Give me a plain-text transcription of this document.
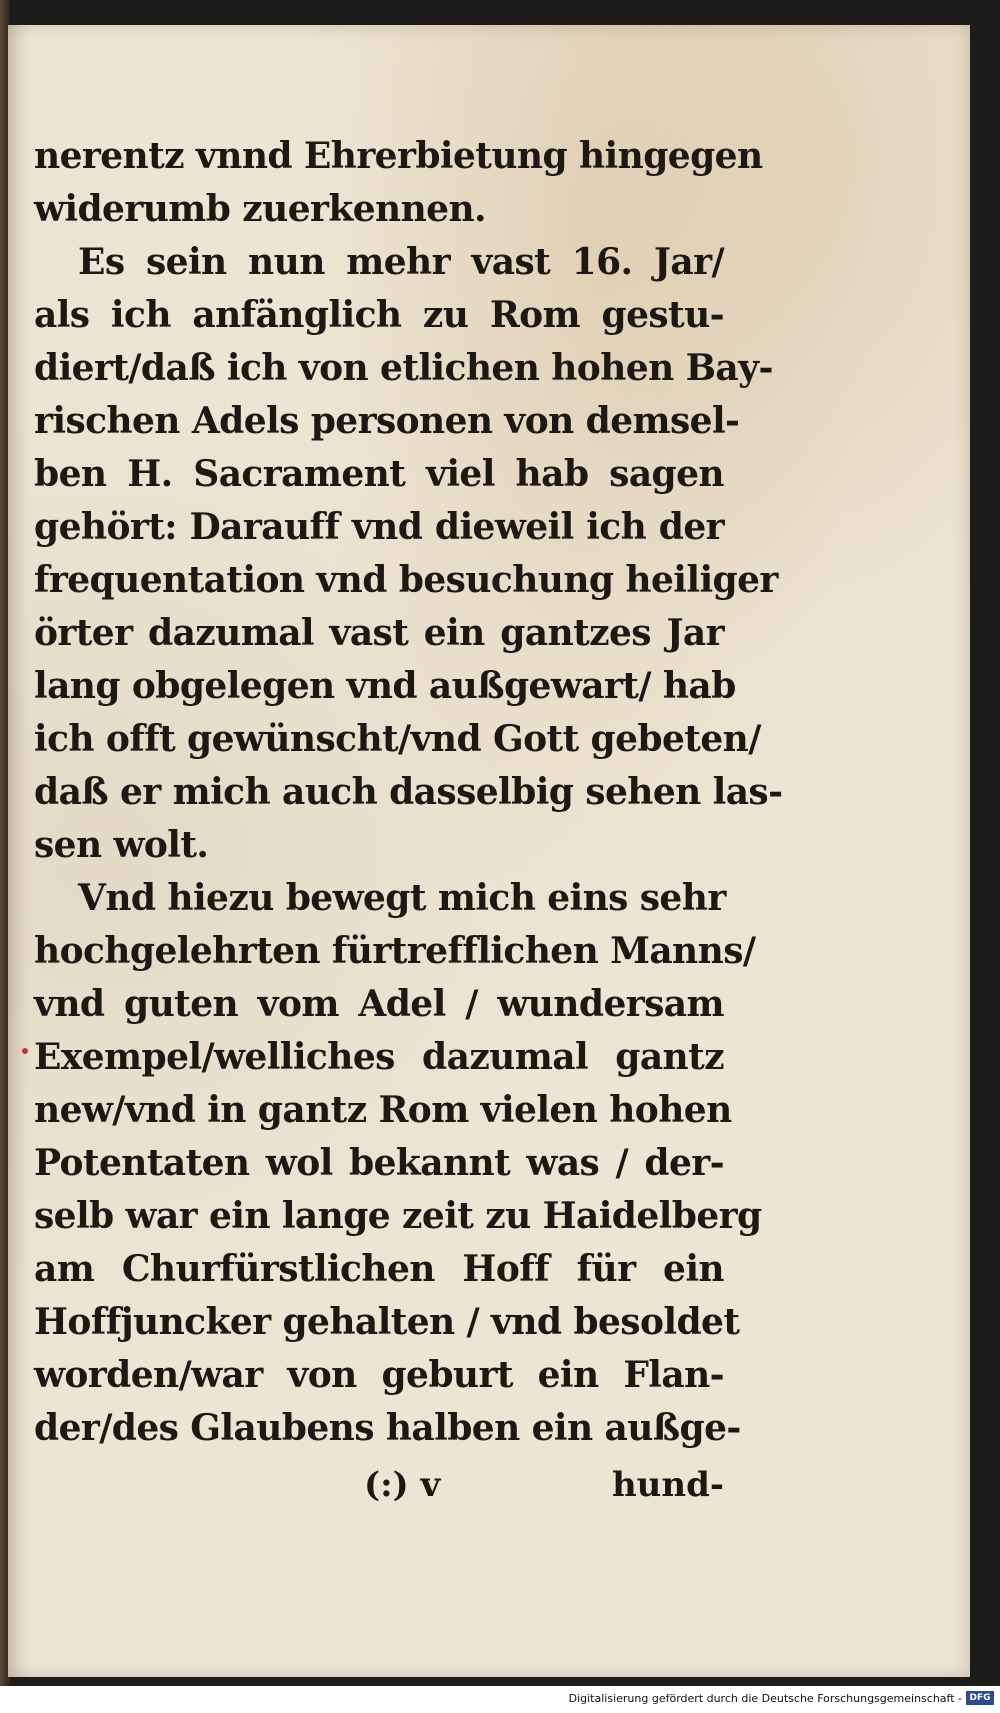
nerentz vnnd Ehrerbietung hingegen
widerumb zuerkennen.
Es sein nun mehr vast 16. Jar/
als ich anfänglich zu Rom gestu-
diert/daß ich von etlichen hohen Bay-
rischen Adels personen von demsel-
ben H. Sacrament viel hab sagen
gehört: Darauff vnd dieweil ich der
frequentation vnd besuchung heiliger
örter dazumal vast ein gantzes Jar
lang obgelegen vnd außgewart/ hab
ich offt gewünscht/vnd Gott gebeten/
daß er mich auch dasselbig sehen las-
sen wolt.
Vnd hiezu bewegt mich eins sehr
hochgelehrten fürtrefflichen Manns/
vnd guten vom Adel / wundersam
Exempel/welliches dazumal gantz
new/vnd in gantz Rom vielen hohen
Potentaten wol bekannt was / der-
selb war ein lange zeit zu Haidelberg
am Churfürstlichen Hoff für ein
Hoffjuncker gehalten / vnd besoldet
worden/war von geburt ein Flan-
der/des Glaubens halben ein außge-
(:) v	hund-
Digitalisierung gefördert durch die Deutsche Forschungsgemeinschaft - DFG
